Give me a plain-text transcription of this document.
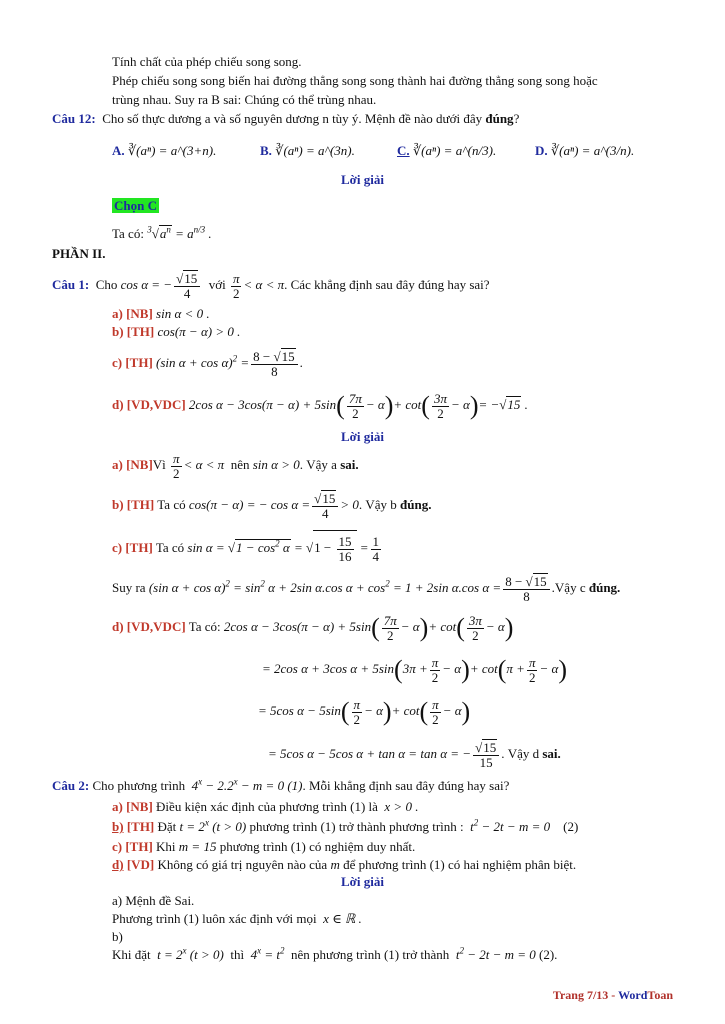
Tính chất của phép chiếu song song.
Phép chiếu song song biến hai đường thẳng song song thành hai đường thẳng song song hoặc
trùng nhau. Suy ra B sai: Chúng có thể trùng nhau.
Câu 12: Cho số thực dương a và số nguyên dương n tùy ý. Mệnh đề nào dưới đây đúng?
A. ∛(aⁿ) = a^(3+n).	B. ∛(aⁿ) = a^(3n).	C. ∛(aⁿ) = a^(n/3).	D. ∛(aⁿ) = a^(3/n).
Lời giải
Chọn C
Ta có: $^3√a^n = a^{n/3}$ .
PHẦN II.
Câu 1: Cho cos α = − $\frac{√15}{4}$ với $\frac{\pi}{2} < \alpha < \pi$. Các khẳng định sau đây đúng hay sai?
a) [NB] sin α < 0 .
b) [TH] cos(π − α) > 0 .
c) [TH] (sin $\alpha + \cos \alpha)^2 = \frac{8 - √15}{8}$ .
d) [VD,VDC] 2cos $\alpha - 3\cos(\pi - \alpha) + 5\sin( \frac{7\pi}{2} - \alpha)+ \cot( \frac{3\pi}{2} - \alpha)= -√15$ .
Lời giải
a) [NB]Vì $\frac{\pi}{2} < \alpha < \pi$ nên sin α > 0. Vậy a sai.
b) [TH] Ta có cos(π − α) = − $\cos \alpha = \frac{√15}{4} > 0$. Vậy b đúng.
c) [TH] Ta có $\sin \alpha = √1 - \cos^2 \alpha = √1 - \frac{15}{16} = \frac{1}{4}$
Suy ra (sin $\alpha + \cos \alpha)^2 = \sin^2 \alpha + 2\sin$ α.cos $\alpha + \cos^2 = 1 + 2\sin$ α.cos $\alpha = \frac{8 - √15}{8}$ .Vậy c đúng.
d) [VD,VDC] Ta có: 2cos $\alpha - 3\cos(\pi - \alpha) + 5\sin( \frac{7\pi}{2} - \alpha)+ \cot( \frac{3\pi}{2} - \alpha)$
= 2cos α + 3cos $\alpha + 5\sin(3\pi + \frac{\pi}{2} - \alpha)+ \cot(\pi + \frac{\pi}{2} - \alpha)$
= 5cos $\alpha - 5\sin( \frac{\pi}{2} - \alpha)+ \cot( \frac{\pi}{2} - \alpha)$
= 5cos α − 5cos α + tan α = tan α = − $\frac{√15}{15}$ . Vậy d sai.
Câu 2: Cho phương trình  $4^x - 2.2^x - m = 0$ (1). Mỗi khẳng định sau đây đúng hay sai?
a) [NB] Điều kiện xác định của phương trình (1) là  x > 0 .
b) [TH] Đặt $t = 2^x$ (t > 0) phương trình (1) trở thành phương trình :  $t^2 - 2t - m = 0$ (2)
c) [TH] Khi m = 15 phương trình (1) có nghiệm duy nhất.
d) [VD] Không có giá trị nguyên nào của m để phương trình (1) có hai nghiệm phân biệt.
Lời giải
a) Mệnh đề Sai.
Phương trình (1) luôn xác định với mọi  x ∈ ℝ .
b)
Khi đặt  $t = 2^x$ (t > 0) thì  $4^x = t^2$ nên phương trình (1) trở thành  $t^2 - 2t - m = 0$ (2).
Trang 7/13 - WordToan
